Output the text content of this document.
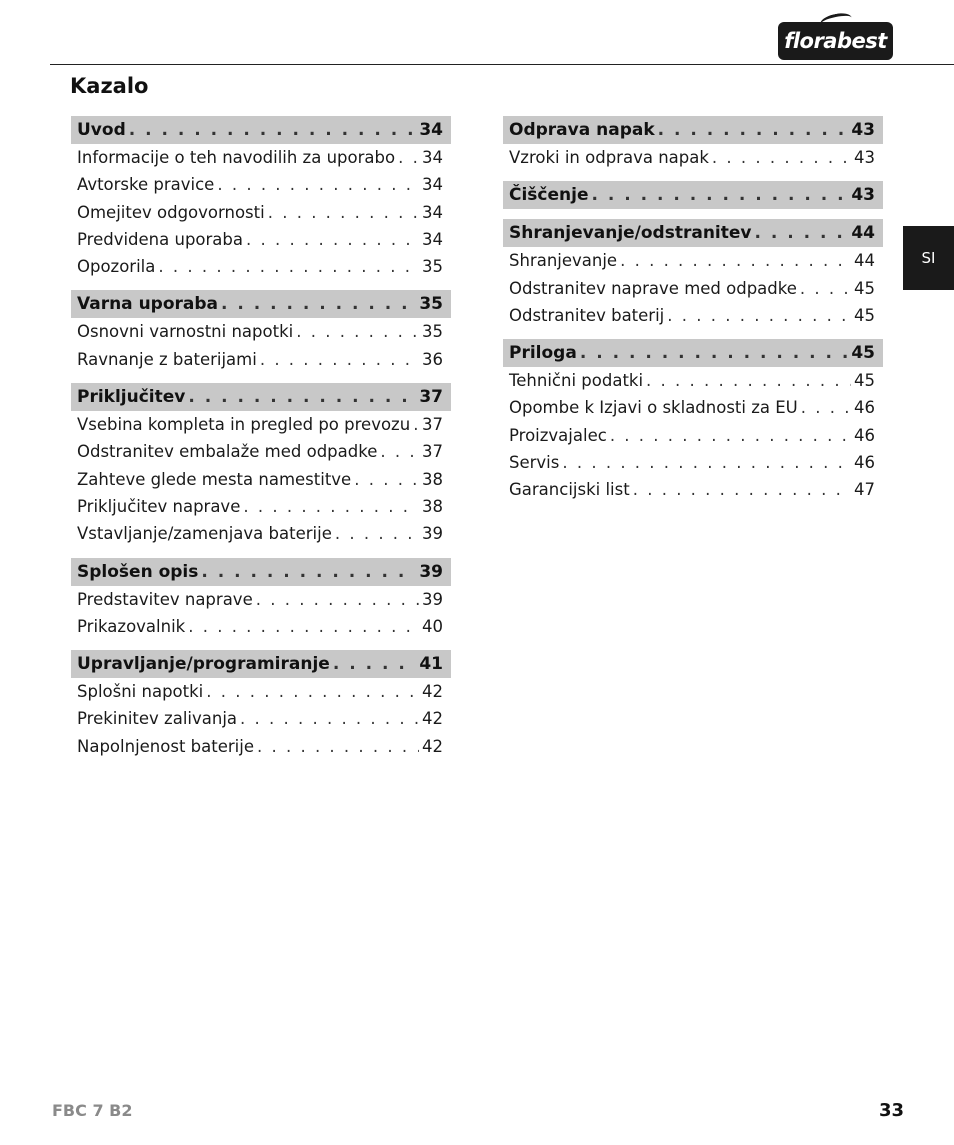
florabest
Kazalo
Uvod . . .	34
Informacije o teh navodilih za uporabo . . . 34
Avtorske pravice . . .	34
Omejitev odgovornosti . . .	34
Predvidena uporaba . . .	34
Opozorila . . .	35
Varna uporaba . . .	35
Osnovni varnostni napotki . . .	35
Ravnanje z baterijami . . .	36
Priključitev . . .	37
Vsebina kompleta in pregled po prevozu . . . 37
Odstranitev embalaže med odpadke . . .	37
Zahteve glede mesta namestitve . . .	38
Priključitev naprave . . .	38
Vstavljanje/zamenjava baterije . . .	39
Splošen opis . . .	39
Predstavitev naprave . . .	39
Prikazovalnik . . .	40
Upravljanje/programiranje . . .	41
Splošni napotki . . .	42
Prekinitev zalivanja . . .	42
Napolnjenost baterije . . .	42
Odprava napak . . .	43
Vzroki in odprava napak . . .	43
Čiščenje . . .	43
Shranjevanje/odstranitev . . .	44
Shranjevanje . . .	44
Odstranitev naprave med odpadke . . .	45
Odstranitev baterij . . .	45
Priloga . . .	45
Tehnični podatki . . .	45
Opombe k Izjavi o skladnosti za EU . . .	46
Proizvajalec . . .	46
Servis . . .	46
Garancijski list . . .	47
SI
FBC 7 B2	33
